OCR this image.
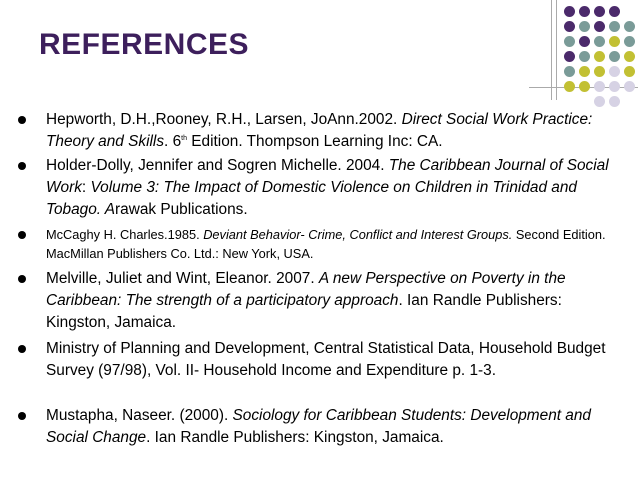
REFERENCES
Hepworth, D.H.,Rooney, R.H., Larsen, JoAnn.2002. Direct Social Work Practice: Theory and Skills. 6th Edition. Thompson Learning Inc: CA.
Holder-Dolly, Jennifer and Sogren Michelle. 2004. The Caribbean Journal of Social Work: Volume 3: The Impact of Domestic Violence on Children in Trinidad and Tobago. Arawak Publications.
McCaghy H. Charles.1985. Deviant Behavior- Crime, Conflict and Interest Groups. Second Edition. MacMillan Publishers Co. Ltd.: New York, USA.
Melville, Juliet and Wint, Eleanor. 2007. A new Perspective on Poverty in the Caribbean: The strength of a participatory approach. Ian Randle Publishers: Kingston, Jamaica.
Ministry of Planning and Development, Central Statistical Data, Household Budget Survey (97/98), Vol. II- Household Income and Expenditure p. 1-3.
Mustapha, Naseer. (2000). Sociology for Caribbean Students: Development and Social Change. Ian Randle Publishers: Kingston, Jamaica.
